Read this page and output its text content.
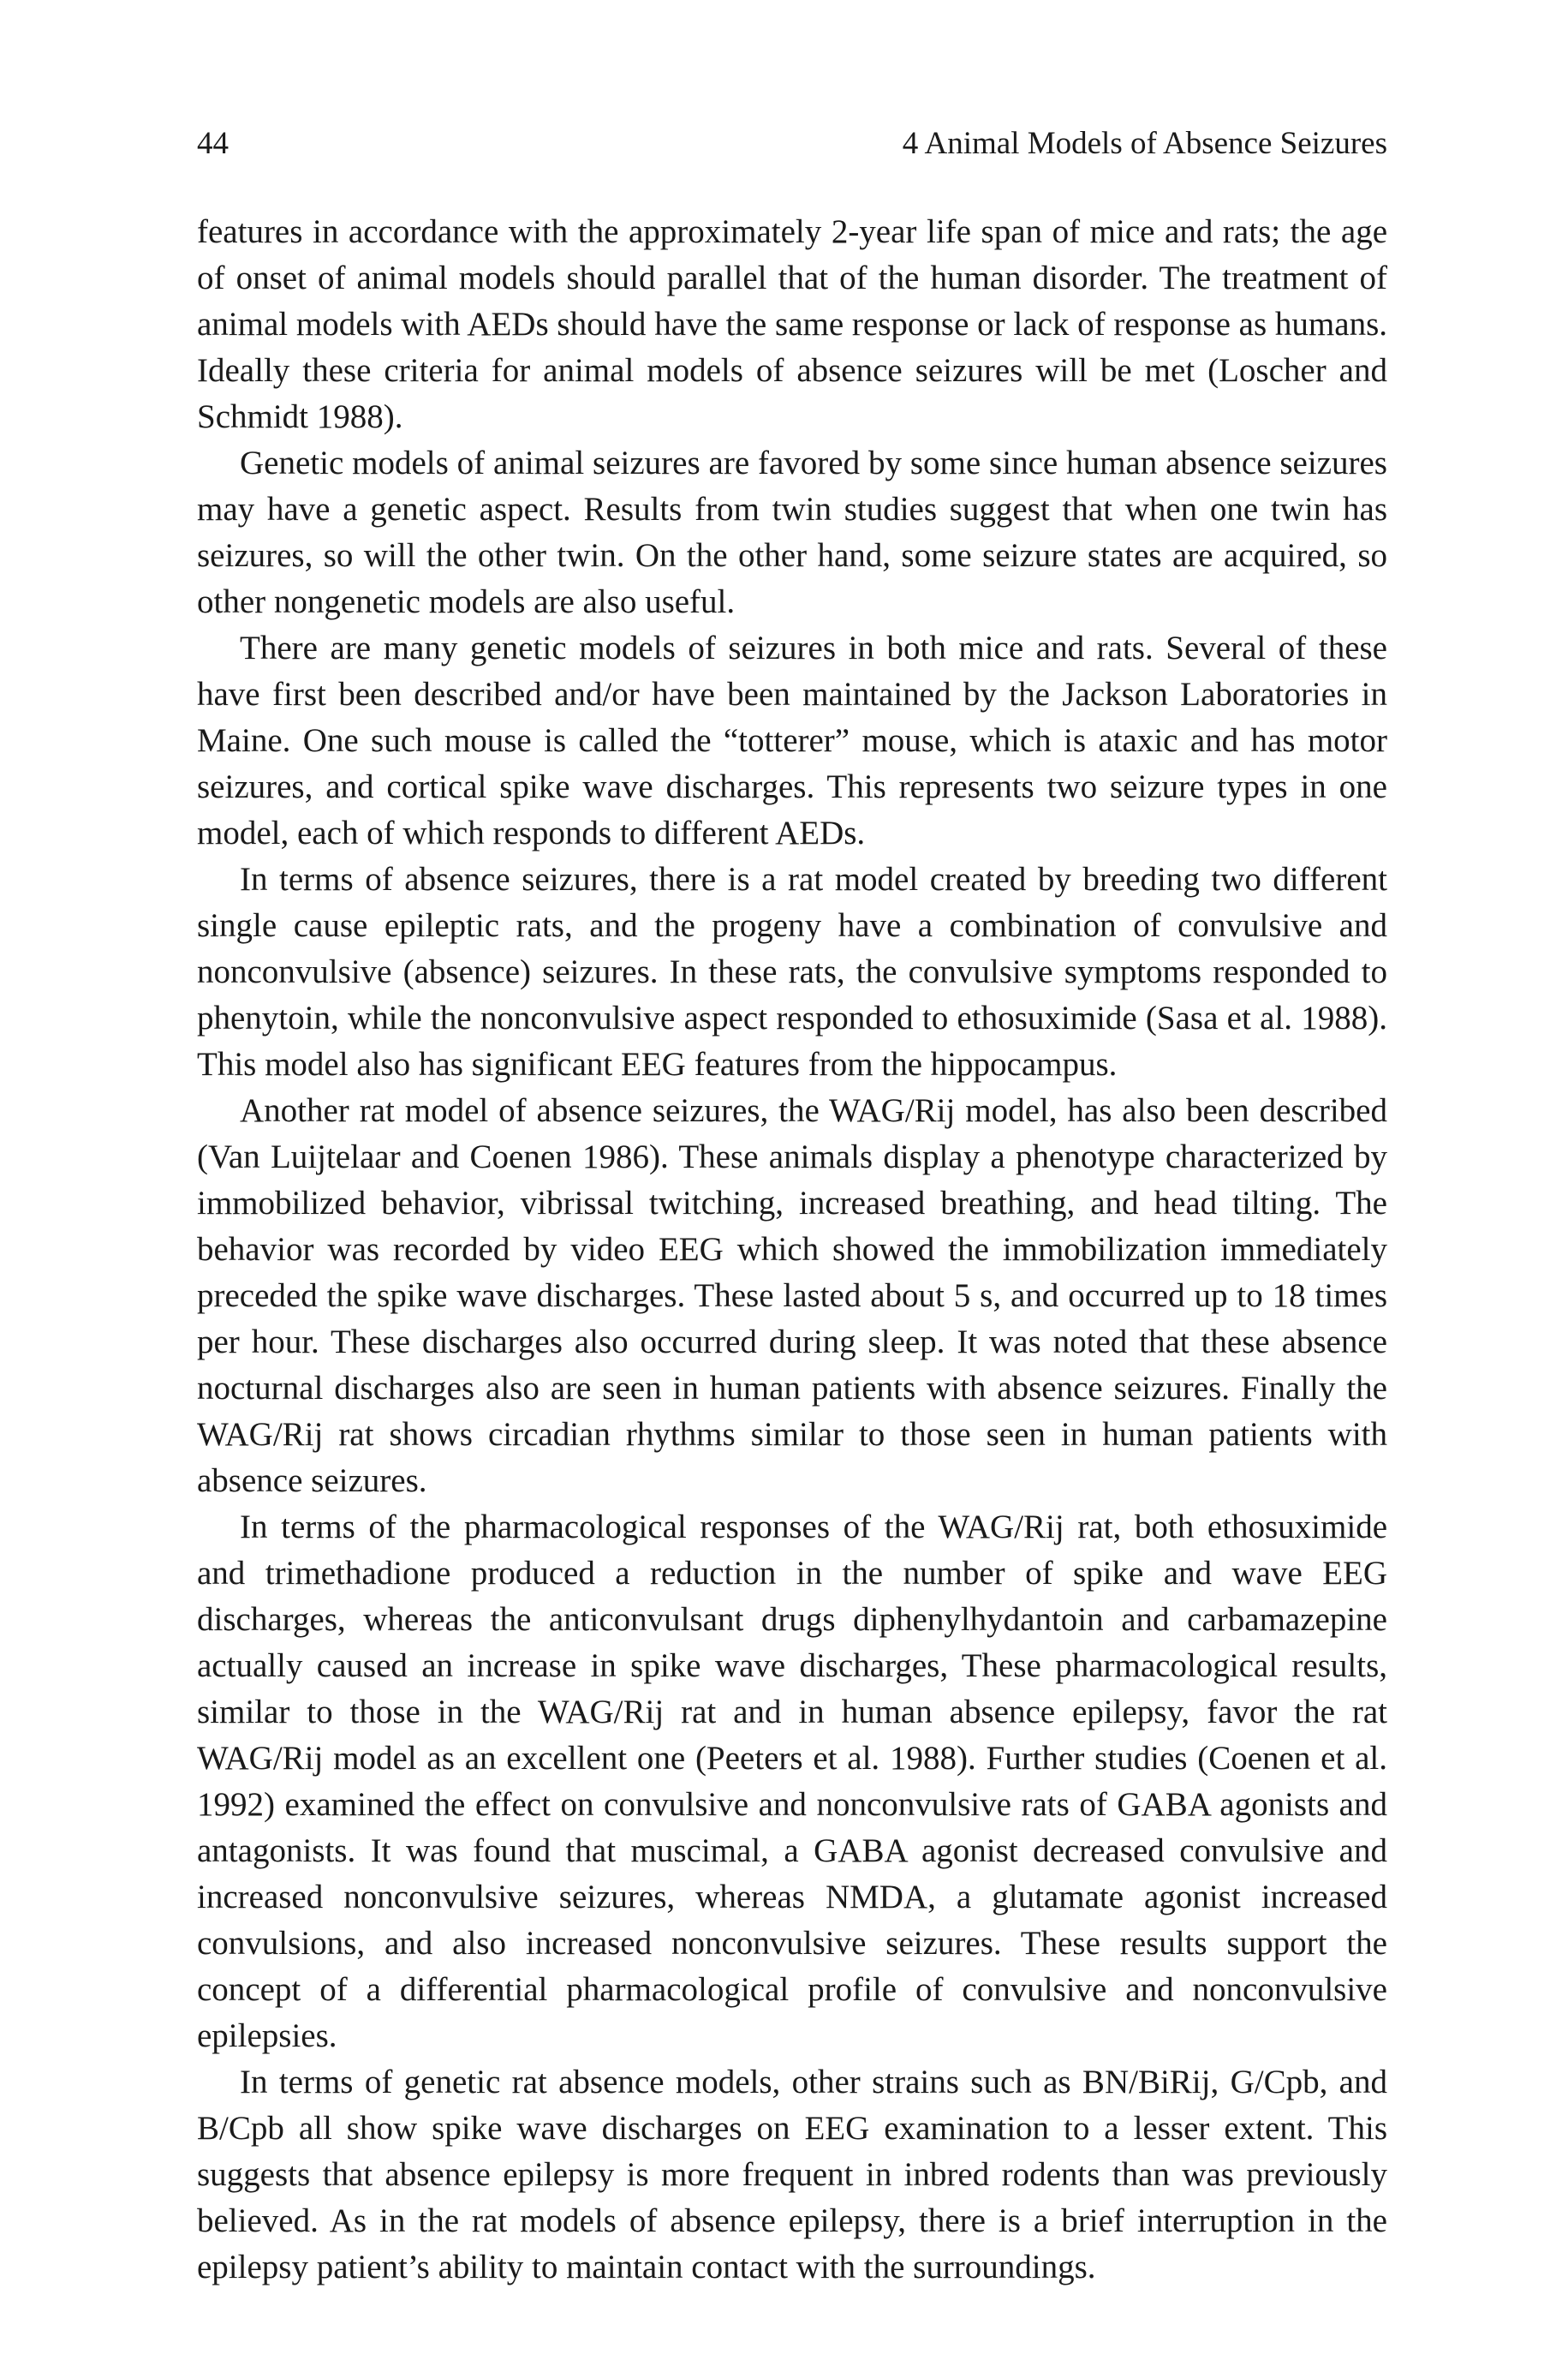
44	4 Animal Models of Absence Seizures

features in accordance with the approximately 2-year life span of mice and rats; the age of onset of animal models should parallel that of the human disorder. The treatment of animal models with AEDs should have the same response or lack of response as humans. Ideally these criteria for animal models of absence seizures will be met (Loscher and Schmidt 1988).

Genetic models of animal seizures are favored by some since human absence seizures may have a genetic aspect. Results from twin studies suggest that when one twin has seizures, so will the other twin. On the other hand, some seizure states are acquired, so other nongenetic models are also useful.

There are many genetic models of seizures in both mice and rats. Several of these have first been described and/or have been maintained by the Jackson Laboratories in Maine. One such mouse is called the “totterer” mouse, which is ataxic and has motor seizures, and cortical spike wave discharges. This represents two seizure types in one model, each of which responds to different AEDs.

In terms of absence seizures, there is a rat model created by breeding two different single cause epileptic rats, and the progeny have a combination of convulsive and nonconvulsive (absence) seizures. In these rats, the convulsive symptoms responded to phenytoin, while the nonconvulsive aspect responded to ethosuximide (Sasa et al. 1988). This model also has significant EEG features from the hippocampus.

Another rat model of absence seizures, the WAG/Rij model, has also been described (Van Luijtelaar and Coenen 1986). These animals display a phenotype characterized by immobilized behavior, vibrissal twitching, increased breathing, and head tilting. The behavior was recorded by video EEG which showed the immobilization immediately preceded the spike wave discharges. These lasted about 5 s, and occurred up to 18 times per hour. These discharges also occurred during sleep. It was noted that these absence nocturnal discharges also are seen in human patients with absence seizures. Finally the WAG/Rij rat shows circadian rhythms similar to those seen in human patients with absence seizures.

In terms of the pharmacological responses of the WAG/Rij rat, both ethosuximide and trimethadione produced a reduction in the number of spike and wave EEG discharges, whereas the anticonvulsant drugs diphenylhydantoin and carbamazepine actually caused an increase in spike wave discharges, These pharmacological results, similar to those in the WAG/Rij rat and in human absence epilepsy, favor the rat WAG/Rij model as an excellent one (Peeters et al. 1988). Further studies (Coenen et al. 1992) examined the effect on convulsive and nonconvulsive rats of GABA agonists and antagonists. It was found that muscimal, a GABA agonist decreased convulsive and increased nonconvulsive seizures, whereas NMDA, a glutamate agonist increased convulsions, and also increased nonconvulsive seizures. These results support the concept of a differential pharmacological profile of convulsive and nonconvulsive epilepsies.

In terms of genetic rat absence models, other strains such as BN/BiRij, G/Cpb, and B/Cpb all show spike wave discharges on EEG examination to a lesser extent. This suggests that absence epilepsy is more frequent in inbred rodents than was previously believed. As in the rat models of absence epilepsy, there is a brief interruption in the epilepsy patient’s ability to maintain contact with the surroundings.
